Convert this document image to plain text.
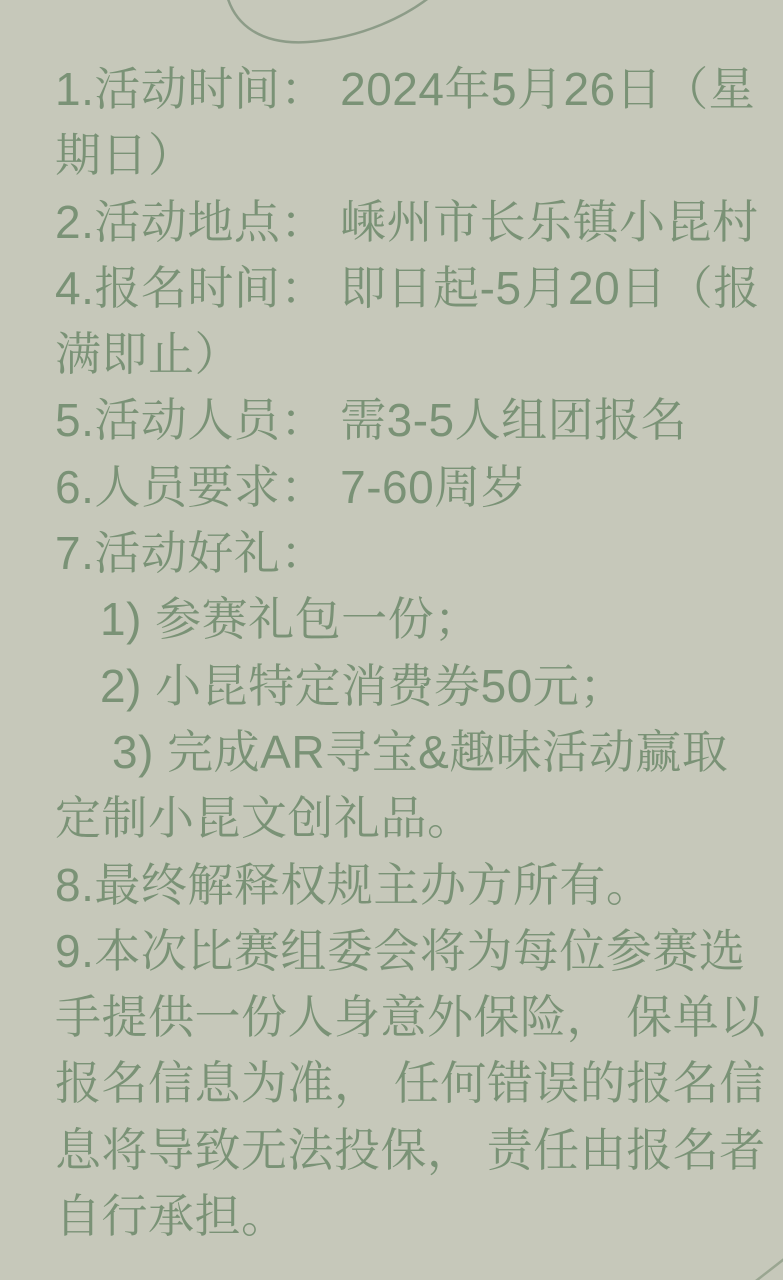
1.活动时间： 2024年5月26日（星
期日）
2.活动地点： 嵊州市长乐镇小昆村
4.报名时间： 即日起-5月20日（报
满即止）
5.活动人员： 需3-5人组团报名
6.人员要求： 7-60周岁
7.活动好礼：
1) 参赛礼包一份；
2) 小昆特定消费券50元；
3) 完成AR寻宝&趣味活动赢取
定制小昆文创礼品。
8.最终解释权规主办方所有。
9.本次比赛组委会将为每位参赛选
手提供一份人身意外保险， 保单以
报名信息为准， 任何错误的报名信
息将导致无法投保， 责任由报名者
自行承担。
